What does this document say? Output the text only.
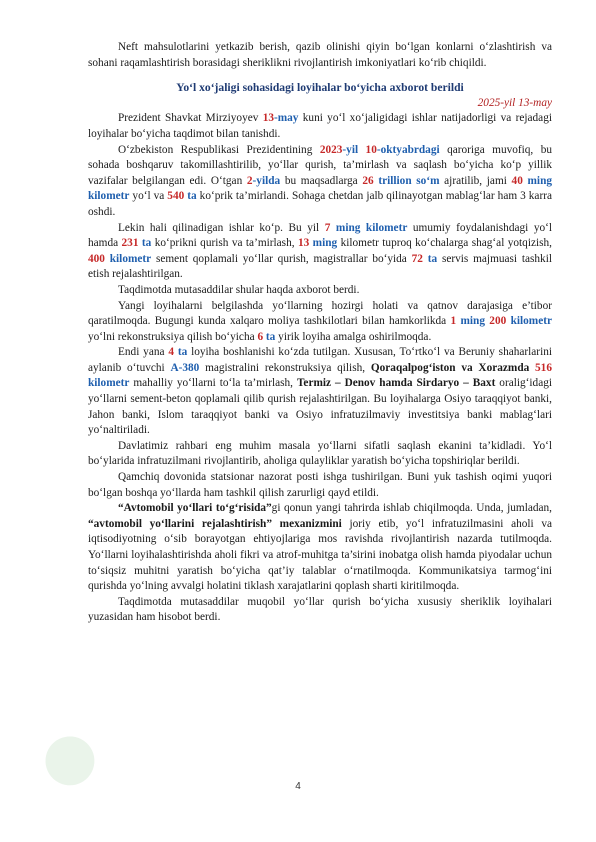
●

Neft mahsulotlarini yetkazib berish, qazib olinishi qiyin bo‘lgan konlarni o‘zlashtirish va sohani raqamlashtirish borasidagi sheriklikni rivojlantirish imkoniyatlari ko‘rib chiqildi.

Yo‘l xo‘jaligi sohasidagi loyihalar bo‘yicha axborot berildi

2025-yil 13-may

Prezident Shavkat Mirziyoyev 13-may kuni yo‘l xo‘jaligidagi ishlar natijadorligi va rejadagi loyihalar bo‘yicha taqdimot bilan tanishdi.

O‘zbekiston Respublikasi Prezidentining 2023-yil 10-oktyabrdagi qaroriga muvofiq, bu sohada boshqaruv takomillashtirilib, yo‘llar qurish, ta’mirlash va saqlash bo‘yicha ko‘p yillik vazifalar belgilangan edi. O‘tgan 2-yilda bu maqsadlarga 26 trillion so‘m ajratilib, jami 40 ming kilometr yo‘l va 540 ta ko‘prik ta’mirlandi. Sohaga chetdan jalb qilinayotgan mablag‘lar ham 3 karra oshdi.

Lekin hali qilinadigan ishlar ko‘p. Bu yil 7 ming kilometr umumiy foydalanishdagi yo‘l hamda 231 ta ko‘prikni qurish va ta’mirlash, 13 ming kilometr tuproq ko‘chalarga shag‘al yotqizish, 400 kilometr sement qoplamali yo‘llar qurish, magistrallar bo‘yida 72 ta servis majmuasi tashkil etish rejalashtirilgan.

Taqdimotda mutasaddilar shular haqda axborot berdi.

Yangi loyihalarni belgilashda yo‘llarning hozirgi holati va qatnov darajasiga e’tibor qaratilmoqda. Bugungi kunda xalqaro moliya tashkilotlari bilan hamkorlikda 1 ming 200 kilometr yo‘lni rekonstruksiya qilish bo‘yicha 6 ta yirik loyiha amalga oshirilmoqda.

Endi yana 4 ta loyiha boshlanishi ko‘zda tutilgan. Xususan, To‘rtko‘l va Beruniy shaharlarini aylanib o‘tuvchi A-380 magistralini rekonstruksiya qilish, Qoraqalpog‘iston va Xorazmda 516 kilometr mahalliy yo‘llarni to‘la ta’mirlash, Termiz – Denov hamda Sirdaryo – Baxt oralig‘idagi yo‘llarni sement-beton qoplamali qilib qurish rejalashtirilgan. Bu loyihalarga Osiyo taraqqiyot banki, Jahon banki, Islom taraqqiyot banki va Osiyo infratuzilmaviy investitsiya banki mablag‘lari yo‘naltiriladi.

Davlatimiz rahbari eng muhim masala yo‘llarni sifatli saqlash ekanini ta’kidladi. Yo‘l bo‘ylarida infratuzilmani rivojlantirib, aholiga qulayliklar yaratish bo‘yicha topshiriqlar berildi.

Qamchiq dovonida statsionar nazorat posti ishga tushirilgan. Buni yuk tashish oqimi yuqori bo‘lgan boshqa yo‘llarda ham tashkil qilish zarurligi qayd etildi.

“Avtomobil yo‘llari to‘g‘risida”gi qonun yangi tahrirda ishlab chiqilmoqda. Unda, jumladan, “avtomobil yo‘llarini rejalashtirish” mexanizmini joriy etib, yo‘l infratuzilmasini aholi va iqtisodiyotning o‘sib borayotgan ehtiyojlariga mos ravishda rivojlantirish nazarda tutilmoqda. Yo‘llarni loyihalashtirishda aholi fikri va atrof-muhitga ta’sirini inobatga olish hamda piyodalar uchun to‘siqsiz muhitni yaratish bo‘yicha qat’iy talablar o‘rnatilmoqda. Kommunikatsiya tarmog‘ini qurishda yo‘lning avvalgi holatini tiklash xarajatlarini qoplash sharti kiritilmoqda.

Taqdimotda mutasaddilar muqobil yo‘llar qurish bo‘yicha xususiy sheriklik loyihalari yuzasidan ham hisobot berdi.

4
